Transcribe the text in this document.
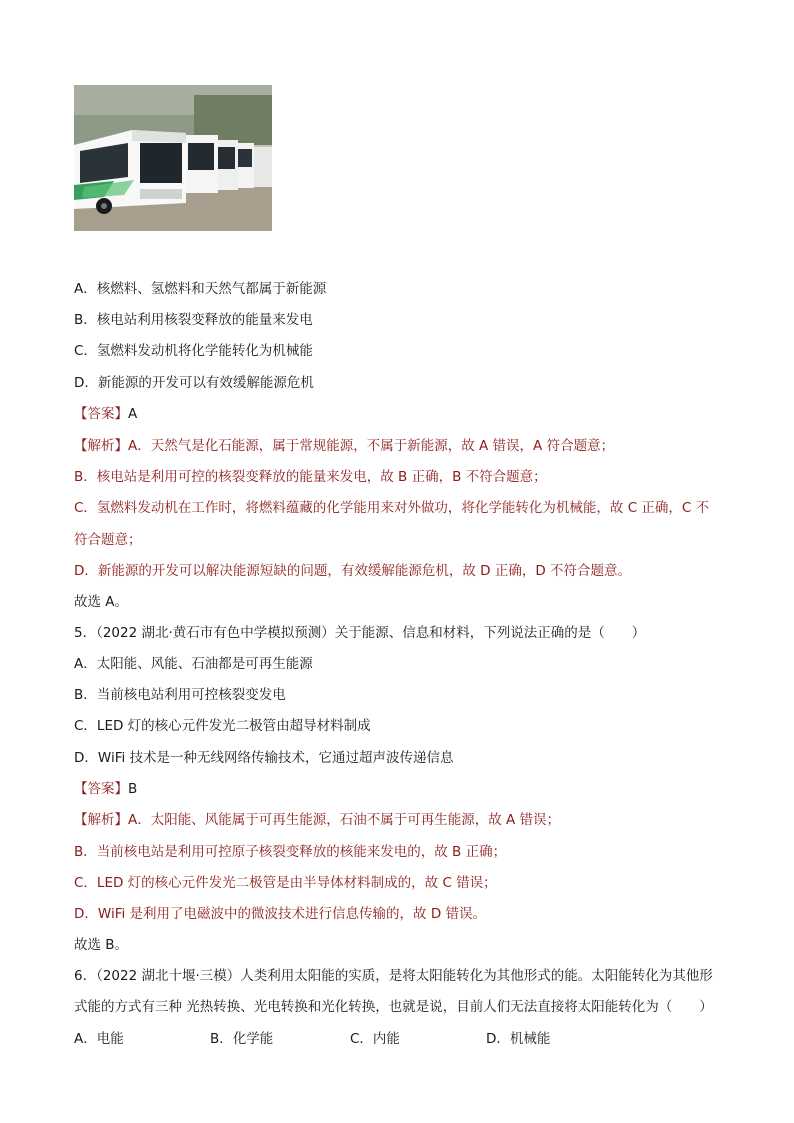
A．核燃料、氢燃料和天然气都属于新能源
B．核电站利用核裂变释放的能量来发电
C．氢燃料发动机将化学能转化为机械能
D．新能源的开发可以有效缓解能源危机
【答案】A
【解析】A．天然气是化石能源，属于常规能源，不属于新能源，故 A 错误，A 符合题意；
B．核电站是利用可控的核裂变释放的能量来发电，故 B 正确，B 不符合题意；
C．氢燃料发动机在工作时，将燃料蕴藏的化学能用来对外做功，将化学能转化为机械能，故 C 正确，C 不
符合题意；
D．新能源的开发可以解决能源短缺的问题，有效缓解能源危机，故 D 正确，D 不符合题意。
故选 A。
5．（2022 湖北·黄石市有色中学模拟预测）关于能源、信息和材料，下列说法正确的是（　　）
A．太阳能、风能、石油都是可再生能源
B．当前核电站利用可控核裂变发电
C．LED 灯的核心元件发光二极管由超导材料制成
D．WiFi 技术是一种无线网络传输技术，它通过超声波传递信息
【答案】B
【解析】A．太阳能、风能属于可再生能源，石油不属于可再生能源，故 A 错误；
B．当前核电站是利用可控原子核裂变释放的核能来发电的，故 B 正确；
C．LED 灯的核心元件发光二极管是由半导体材料制成的，故 C 错误；
D．WiFi 是利用了电磁波中的微波技术进行信息传输的，故 D 错误。
故选 B。
6．（2022 湖北十堰·三模）人类利用太阳能的实质，是将太阳能转化为其他形式的能。太阳能转化为其他形
式能的方式有三种 光热转换、光电转换和光化转换，也就是说，目前人们无法直接将太阳能转化为（　　）
A．电能	B．化学能	C．内能	D．机械能
